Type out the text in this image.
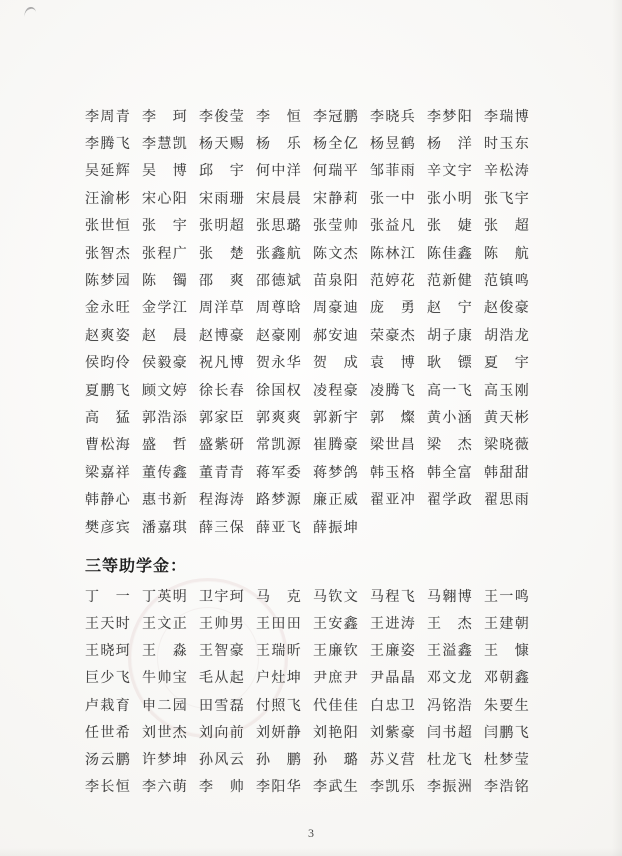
李周青 李珂 李俊莹 李恒 李冠鹏 李晓兵 李梦阳 李瑞博
李腾飞 李慧凯 杨天赐 杨乐 杨全亿 杨昱鹤 杨洋 时玉东
吴延辉 吴博 邱宇 何中洋 何瑞平 邹菲雨 辛文宇 辛松涛
汪渝彬 宋心阳 宋雨珊 宋晨晨 宋静莉 张一中 张小明 张飞宇
张世恒 张宇 张明超 张思璐 张莹帅 张益凡 张婕 张超
张智杰 张程广 张楚 张鑫航 陈文杰 陈林江 陈佳鑫 陈航
陈梦园 陈镯 邵爽 邵德斌 苗泉阳 范婷花 范新健 范镇鸣
金永旺 金学江 周洋草 周尊晗 周豪迪 庞勇 赵宁 赵俊豪
赵爽姿 赵晨 赵博豪 赵豪刚 郝安迪 荣豪杰 胡子康 胡浩龙
侯昀伶 侯毅豪 祝凡博 贺永华 贺成 袁博 耿镖 夏宇
夏鹏飞 顾文婷 徐长春 徐国权 凌程豪 凌腾飞 高一飞 高玉刚
高猛 郭浩添 郭家臣 郭爽爽 郭新宇 郭燦 黄小涵 黄天彬
曹松海 盛哲 盛紫研 常凯源 崔腾豪 梁世昌 梁杰 梁晓薇
梁嘉祥 董传鑫 董青青 蒋军委 蒋梦鸽 韩玉格 韩全富 韩甜甜
韩静心 惠书新 程海涛 路梦源 廉正威 翟亚冲 翟学政 翟思雨
樊彦宾 潘嘉琪 薛三保 薛亚飞 薛振坤
三等助学金：
丁一 丁英明 卫宇珂 马克 马钦文 马程飞 马翱博 王一鸣
王天时 王文正 王帅男 王田田 王安鑫 王进涛 王杰 王建朝
王晓珂 王淼 王智豪 王瑞昕 王廉钦 王廉姿 王溢鑫 王慷
巨少飞 牛帅宝 毛从起 户灶坤 尹庶尹 尹晶晶 邓文龙 邓朝鑫
卢栽育 申二园 田雪磊 付照飞 代佳佳 白忠卫 冯铭浩 朱要生
任世希 刘世杰 刘向前 刘妍静 刘艳阳 刘紫豪 闫书超 闫鹏飞
汤云鹏 许梦坤 孙风云 孙鹏 孙璐 苏义营 杜龙飞 杜梦莹
李长恒 李六萌 李帅 李阳华 李武生 李凯乐 李振洲 李浩铭
3
